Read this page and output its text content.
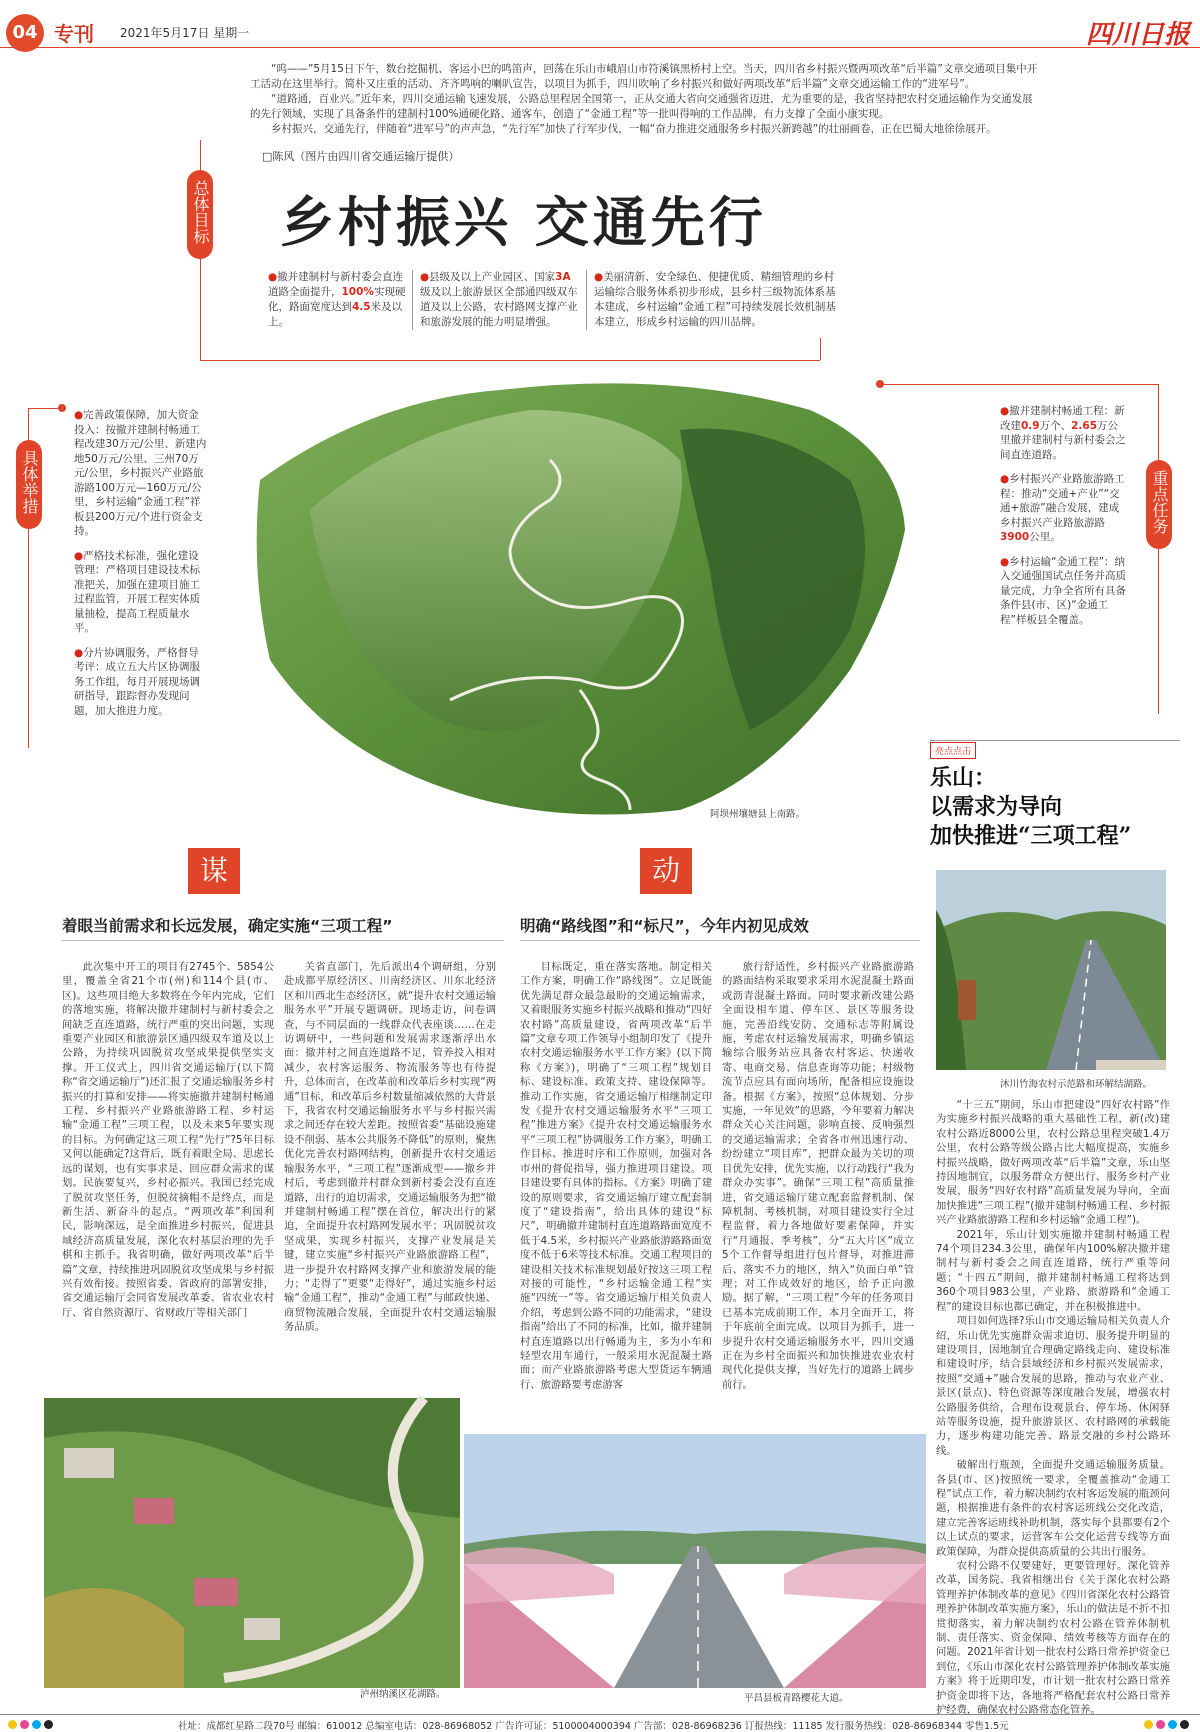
04 专刊 2021年5月17日 星期一	四川日报

“呜——”5月15日下午，数台挖掘机、客运小巴的鸣笛声，回荡在乐山市峨眉山市符溪镇黑桥村上空。当天，四川省乡村振兴暨两项改革“后半篇”文章交通项目集中开工活动在这里举行。简朴又庄重的活动、齐齐鸣响的喇叭宣告，以项目为抓手，四川吹响了乡村振兴和做好两项改革“后半篇”文章交通运输工作的“进军号”。

“道路通，百业兴。”近年来，四川交通运输飞速发展，公路总里程居全国第一，正从交通大省向交通强省迈进，尤为重要的是，我省坚持把农村交通运输作为交通发展的先行领域，实现了具备条件的建制村100%通硬化路、通客车，创造了“金通工程”等一批叫得响的工作品牌，有力支撑了全面小康实现。

乡村振兴，交通先行，伴随着“进军号”的声声急，“先行军”加快了行军步伐，一幅“奋力推进交通服务乡村振兴新跨越”的壮丽画卷，正在巴蜀大地徐徐展开。

□陈风（图片由四川省交通运输厅提供）
乡村振兴 交通先行
总体目标
●撤并建制村与新村委会直连道路全面提升，100%实现硬化，路面宽度达到4.5米及以上。
●县级及以上产业园区、国家3A级及以上旅游景区全部通四级双车道及以上公路，农村路网支撑产业和旅游发展的能力明显增强。
●美丽清新、安全绿色、便捷优质、精细管理的乡村运输综合服务体系初步形成，县乡村三级物流体系基本建成，乡村运输“金通工程”可持续发展长效机制基本建立，形成乡村运输的四川品牌。
具体举措

●完善政策保障，加大资金投入：按撤并建制村畅通工程改建30万元/公里、新建内地50万元/公里、三州70万元/公里，乡村振兴产业路旅游路100万元—160万元/公里，乡村运输“金通工程”祥板县200万元/个进行资金支持。

●严格技术标准，强化建设管理：严格项目建设技术标准把关，加强在建项目施工过程监管，开展工程实体质量抽检，提高工程质量水平。

●分片协调服务，严格督导考评：成立五大片区协调服务工作组，每月开展现场调研指导，跟踪督办发现问题，加大推进力度。

重点任务

●撤并建制村畅通工程：新改建0.9万个、2.65万公里撤并建制村与新村委会之间直连道路。

●乡村振兴产业路旅游路工程：推动“交通+产业”“交通+旅游”融合发展，建成乡村振兴产业路旅游路3900公里。

●乡村运输“金通工程”：纳入交通强国试点任务并高质量完成，力争全省所有具备条件县(市、区)“金通工程”样板县全覆盖。

阿坝州壤塘县上南路。
谋
着眼当前需求和长远发展，确定实施“三项工程”

此次集中开工的项目有2745个、5854公里，覆盖全省21个市(州)和114个县(市、区)。这些项目绝大多数将在今年内完成，它们的落地实施，将解决撤并建制村与新村委会之间缺乏直连道路，统行严重的突出问题，实现重要产业园区和旅游景区通四级双车道及以上公路，为持续巩固脱贫攻坚成果提供坚实支撑。开工仪式上，四川省交通运输厅(以下简称“省交通运输厅”)还汇报了交通运输服务乡村振兴的打算和安排——将实施撤并建制村畅通工程、乡村振兴产业路旅游路工程、乡村运输“金通工程”三项工程，以及未来5年要实现的目标。为何确定这三项工程“先行”?5年目标又何以能确定?这背后，既有着眼全局、思虑长远的谋划，也有实事求是、回应群众需求的谋划。民族要复兴，乡村必振兴。我国已经完成了脱贫攻坚任务，但脱贫摘帽不是终点，而是新生活、新奋斗的起点。“两项改革”利国利民，影响深远，是全面推进乡村振兴，促进县域经济高质量发展，深化农村基层治理的先手棋和主抓手。我省明确，做好两项改革“后半篇”文章，持续推进巩固脱贫攻坚成果与乡村振兴有效衔接。按照省委、省政府的部署安排，省交通运输厅会同省发展改革委、省农业农村厅、省自然资源厅、省财政厅等相关部门

关省直部门，先后派出4个调研组，分别赴成都平原经济区、川南经济区、川东北经济区和川西北生态经济区，就“提升农村交通运输服务水平”开展专题调研。现场走访，问卷调查，与不同层面的一线群众代表座谈……在走访调研中，一些问题和发展需求逐渐浮出水面：撤并村之间直连道路不足，管养投入相对减少，农村客运服务、物流服务等也有待提升，总体而言，在改革前和改革后乡村实现“两通”目标，和改革后乡村数量缩减依然的大背景下，我省农村交通运输服务水平与乡村振兴需求之间还存在较大差距。按照省委“基础设施建设不削弱、基本公共服务不降低”的原则，聚焦优化完善农村路网结构，创新提升农村交通运输服务水平，“三项工程”逐渐成型——撤乡并村后，考虑到撤并村群众到新村委会没有直连道路，出行的迫切需求，交通运输服务为把“撤并建制村畅通工程”摆在首位，解决出行的紧迫，全面提升农村路网发展水平；巩固脱贫攻坚成果，实现乡村振兴，支撑产业发展是关键，建立实施“乡村振兴产业路旅游路工程”，进一步提升农村路网支撑产业和旅游发展的能力；“走得了”更要“走得好”，通过实施乡村运输“金通工程”，推动“金通工程”与邮政快递、商贸物流融合发展，全面提升农村交通运输服务品质。

动
明确“路线图”和“标尺”，今年内初见成效

目标既定，重在落实落地。制定相关工作方案，明确工作“路线图”。立足既能优先满足群众最急最盼的交通运输需求，又着眼服务实施乡村振兴战略和推动“四好农村路”高质量建设，省两项改革“后半篇”文章专项工作领导小组制印发了《提升农村交通运输服务水平工作方案》(以下简称《方案》)，明确了“三项工程”规划目标、建设标准、政策支持、建设保障等。推动工作实施，省交通运输厅相继制定印发《提升农村交通运输服务水平“三项工程”推进方案》《提升农村交通运输服务水平“三项工程”协调服务工作方案》，明确工作目标、推进时序和工作原则，加强对各市州的督促指导，强力推进项目建设。项目建设要有具体的指标。《方案》明确了建设的原则要求，省交通运输厅建立配套制度了“建设指南”，给出具体的建设“标尺”，明确撤并建制村直连道路路面宽度不低于4.5米，乡村振兴产业路旅游路路面宽度不低于6米等技术标准。交通工程项目的建设相关技术标准规划最好按这三项工程对接的可能性，“乡村运输金通工程”实施“四统一”等。省交通运输厅相关负责人介绍，考虑到公路不同的功能需求，“建设指南”给出了不同的标准，比如，撤并建制村直连道路以出行畅通为主，多为小车和轻型农用车通行，一般采用水泥混凝土路面；而产业路旅游路考虑大型货运车辆通行、旅游路要考虑游客

旅行舒适性，乡村振兴产业路旅游路的路面结构采取要求采用水泥混凝土路面或沥青混凝土路面。同时要求新改建公路全面设相车道、停车区、景区等服务设施，完善沿线安防、交通标志等附属设施，考虑农村运输发展需求，明确乡镇运输综合服务站应具备农村客运、快递收寄、电商交易、信息查询等功能；村级物流节点应具有面向场所，配备相应设施设备。根据《方案》，按照“总体规划、分步实施，一年见效”的思路，今年要着力解决群众关心关注问题，影响直接、反响强烈的交通运输需求；全省各市州迅速行动、纷纷建立“项目库”，把群众最为关切的项目优先安排，优先实施，以行动践行“我为群众办实事”。确保“三项工程”高质量推进，省交通运输厅建立配套监督机制、保障机制、考核机制，对项目建设实行全过程监督，着力各地做好要素保障，并实行“月通报、季考核”，分“五大片区”成立5个工作督导组进行包片督导，对推进滞后、落实不力的地区，纳入“负面白单”管理；对工作成效好的地区，给予正向激励。据了解，“三项工程”今年的任务项目已基本完成前期工作，本月全面开工，将于年底前全面完成。以项目为抓手，进一步提升农村交通运输服务水平，四川交通正在为乡村全面振兴和加快推进农业农村现代化提供支撑，当好先行的道路上阔步前行。

亮点点击
乐山：
以需求为导向
加快推进“三项工程”
沐川竹海农村示范路和环解结湖路。

“十三五”期间，乐山市把建设“四好农村路”作为实施乡村振兴战略的重大基础性工程，新(改)建农村公路近8000公里，农村公路总里程突破1.4万公里，农村公路等级公路占比大幅度提高，实施乡村振兴战略，做好两项改革“后半篇”文章，乐山坚持因地制宜，以服务群众方便出行、服务乡村产业发展，服务“四好农村路”高质量发展为导向，全面加快推进“三项工程”(撤并建制村畅通工程、乡村振兴产业路旅游路工程和乡村运输“金通工程”)。

2021年，乐山计划实施撤并建制村畅通工程74个项目234.3公里，确保年内100%解决撤并建制村与新村委会之间直连道路，统行严重等问题；“十四五”期间，撤并建制村畅通工程将达到360个项目983公里，产业路、旅游路和“金通工程”的建设目标也都已确定，并在积极推进中。

项目如何选择?乐山市交通运输局相关负责人介绍，乐山优先实施群众需求迫切、服务提升明显的建设项目，因地制宜合理确定路线走向、建设标准和建设时序，结合县域经济和乡村振兴发展需求，按照“交通+”融合发展的思路，推动与农业产业、景区(景点)、特色资源等深度融合发展，增强农村公路服务供给，合理布设观景台、停车场、休闲驿站等服务设施，提升旅游景区、农村路网的承载能力，逐步构建功能完善、路景交融的乡村公路环线。

破解出行瓶颈，全面提升交通运输服务质量。各县(市、区)按照统一要求，全覆盖推动“金通工程”试点工作，着力解决制约农村客运发展的瓶颈问题，根据推进有条件的农村客运班线公交化改造，建立完善客运班线补助机制，落实每个县都要有2个以上试点的要求，运营客车公交化运营专线等方面政策保障，为群众提供高质量的公共出行服务。

农村公路不仅要建好，更要管理好。深化管养改革，国务院、我省相继出台《关于深化农村公路管理养护体制改革的意见》《四川省深化农村公路管理养护体制改革实施方案》，乐山的做法是不折不扣贯彻落实，着力解决制约农村公路在管养体制机制、责任落实、资金保障、绩效考核等方面存在的问题。2021年省计划一批农村公路日常养护资金已到位，《乐山市深化农村公路管理养护体制改革实施方案》将于近期印发，市计划一批农村公路日常养护资金即将下达，各地将严格配套农村公路日常养护经费，确保农村公路常态化管养。

泸州纳溪区花湖路。	平昌县板青路樱花大道。
社址：成都红星路二段70号 邮编：610012 总编室电话：028-86968052 广告许可证：5100004000394 广告部：028-86968236 订报热线：11185 发行服务热线：028-86968344 零售1.5元
